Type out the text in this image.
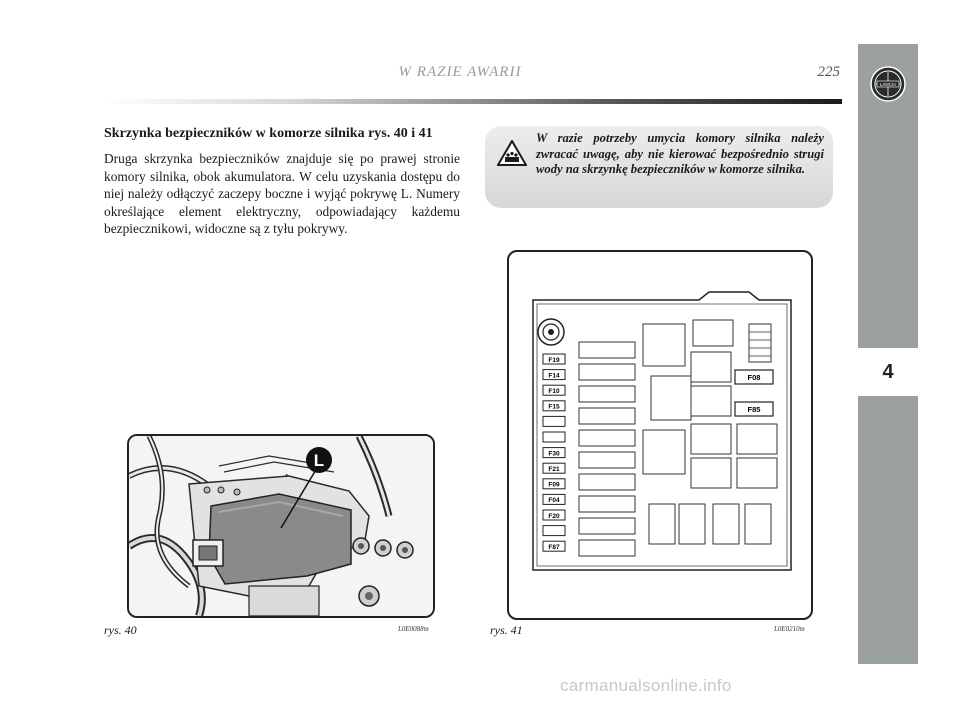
LANCIA
4
W RAZIE AWARII	225
Skrzynka bezpieczników w komorze silnika rys. 40 i 41
Druga skrzynka bezpieczników znajduje się po prawej stronie komory silnika, obok akumulatora. W celu uzyskania dostępu do niej należy odłączyć zaczepy boczne i wyjąć pokrywę L. Numery określające element elektryczny, odpowiadający każdemu bezpiecznikowi, widoczne są z tyłu pokrywy.
W razie potrzeby umycia komory silnika należy zwracać uwagę, aby nie kierować bezpośrednio strugi wody na skrzynkę bezpieczników w komorze silnika.
L
rys. 40	L0E0088m
F19
F14
F10
F15
F30
F21
F09
F04
F20
F87
F08
F85
rys. 41	L0E0210m
carmanualsonline.info
